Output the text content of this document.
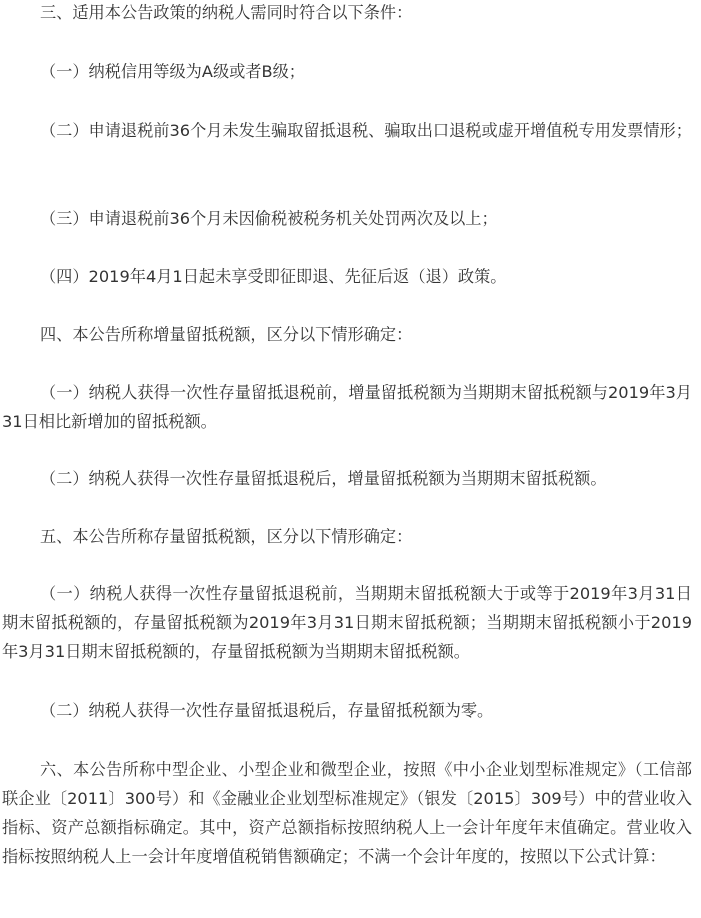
三、适用本公告政策的纳税人需同时符合以下条件：

（一）纳税信用等级为A级或者B级；

（二）申请退税前36个月未发生骗取留抵退税、骗取出口退税或虚开增值税专用发票情形；

（三）申请退税前36个月未因偷税被税务机关处罚两次及以上；

（四）2019年4月1日起未享受即征即退、先征后返（退）政策。

四、本公告所称增量留抵税额，区分以下情形确定：

（一）纳税人获得一次性存量留抵退税前，增量留抵税额为当期期末留抵税额与2019年3月31日相比新增加的留抵税额。

（二）纳税人获得一次性存量留抵退税后，增量留抵税额为当期期末留抵税额。

五、本公告所称存量留抵税额，区分以下情形确定：

（一）纳税人获得一次性存量留抵退税前，当期期末留抵税额大于或等于2019年3月31日期末留抵税额的，存量留抵税额为2019年3月31日期末留抵税额；当期期末留抵税额小于2019年3月31日期末留抵税额的，存量留抵税额为当期期末留抵税额。

（二）纳税人获得一次性存量留抵退税后，存量留抵税额为零。

六、本公告所称中型企业、小型企业和微型企业，按照《中小企业划型标准规定》（工信部联企业〔2011〕300号）和《金融业企业划型标准规定》（银发〔2015〕309号）中的营业收入指标、资产总额指标确定。其中，资产总额指标按照纳税人上一会计年度年末值确定。营业收入指标按照纳税人上一会计年度增值税销售额确定；不满一个会计年度的，按照以下公式计算：
